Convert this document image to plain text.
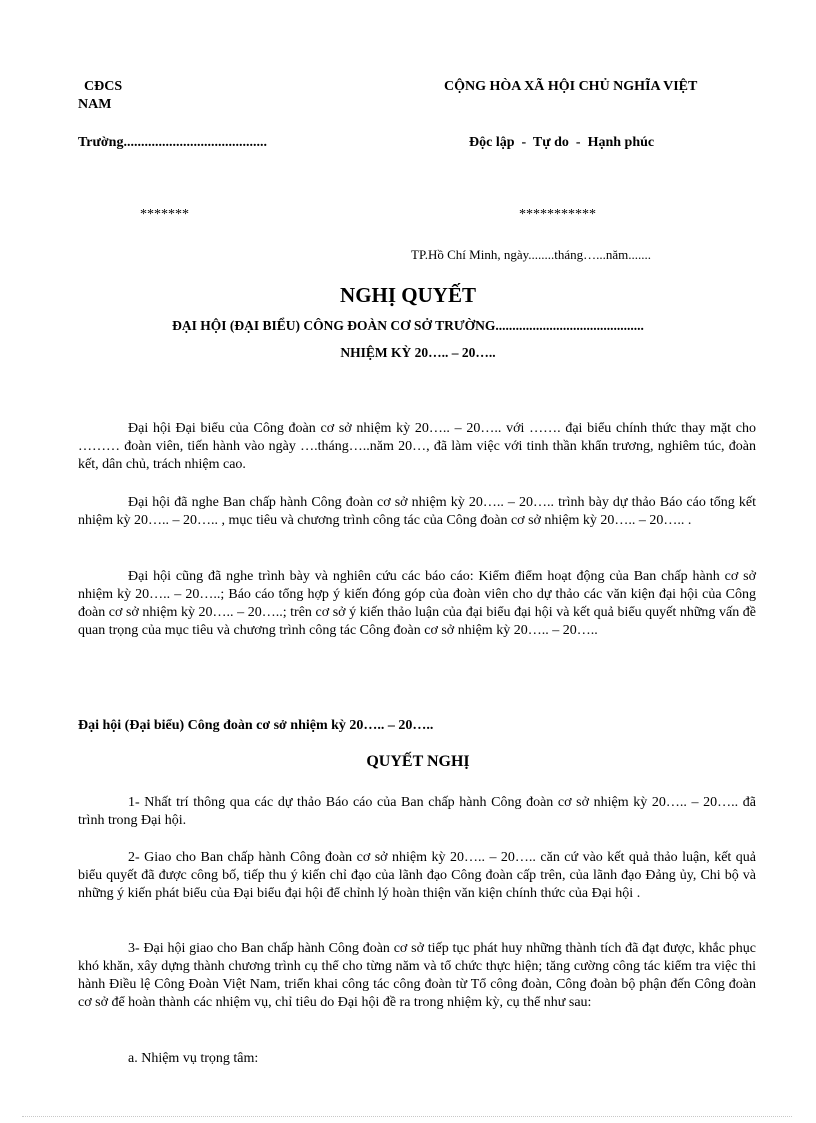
CĐCS
NAM
CỘNG HÒA XÃ HỘI CHỦ NGHĨA VIỆT
Trường.........................................	Độc lập  -  Tự do  -  Hạnh phúc
*******	***********
TP.Hồ Chí Minh, ngày........tháng…...năm.......
NGHỊ QUYẾT
ĐẠI HỘI (ĐẠI BIỂU) CÔNG ĐOÀN CƠ SỞ TRƯỜNG............................................
NHIỆM KỲ 20….. – 20…..

Đại hội Đại biểu của Công đoàn cơ sở nhiệm kỳ 20….. – 20….. với ……. đại biểu chính thức thay mặt cho ……… đoàn viên, tiến hành vào ngày ….tháng…..năm 20…, đã làm việc với tinh thần khẩn trương, nghiêm túc, đoàn kết, dân chủ, trách nhiệm cao.

Đại hội đã nghe Ban chấp hành Công đoàn cơ sở nhiệm kỳ 20….. – 20….. trình bày dự thảo Báo cáo tổng kết nhiệm kỳ 20….. – 20….. , mục tiêu và chương trình công tác của Công đoàn cơ sở nhiệm kỳ 20….. – 20….. .

Đại hội cũng đã nghe trình bày và nghiên cứu các báo cáo: Kiểm điểm hoạt động của Ban chấp hành cơ sở nhiệm kỳ 20….. – 20…..; Báo cáo tổng hợp ý kiến đóng góp của đoàn viên cho dự thảo các văn kiện đại hội của Công đoàn cơ sở nhiệm kỳ 20….. – 20…..; trên cơ sở ý kiến thảo luận của đại biểu đại hội và kết quả biểu quyết những vấn đề quan trọng của mục tiêu và chương trình công tác Công đoàn cơ sở nhiệm kỳ 20….. – 20…..

Đại hội (Đại biểu) Công đoàn cơ sở nhiệm kỳ 20….. – 20…..
QUYẾT NGHỊ

1- Nhất trí thông qua các dự thảo Báo cáo của Ban chấp hành Công đoàn cơ sở nhiệm kỳ 20….. – 20….. đã trình trong Đại hội.

2- Giao cho Ban chấp hành Công đoàn cơ sở nhiệm kỳ 20….. – 20….. căn cứ vào kết quả thảo luận, kết quả biểu quyết đã được công bố, tiếp thu ý kiến chỉ đạo của lãnh đạo Công đoàn cấp trên, của lãnh đạo Đảng ủy, Chi bộ và những ý kiến phát biểu của Đại biểu đại hội để chỉnh lý hoàn thiện văn kiện chính thức của Đại hội .

3- Đại hội giao cho Ban chấp hành Công đoàn cơ sở tiếp tục phát huy những thành tích đã đạt được, khắc phục khó khăn, xây dựng thành chương trình cụ thể cho từng năm và tổ chức thực hiện; tăng cường công tác kiểm tra việc thi hành Điều lệ Công Đoàn Việt Nam, triển khai công tác công đoàn từ Tổ công đoàn, Công đoàn bộ phận đến Công đoàn cơ sở để hoàn thành các nhiệm vụ, chỉ tiêu do Đại hội đề ra trong nhiệm kỳ, cụ thể như sau:

a. Nhiệm vụ trọng tâm:
